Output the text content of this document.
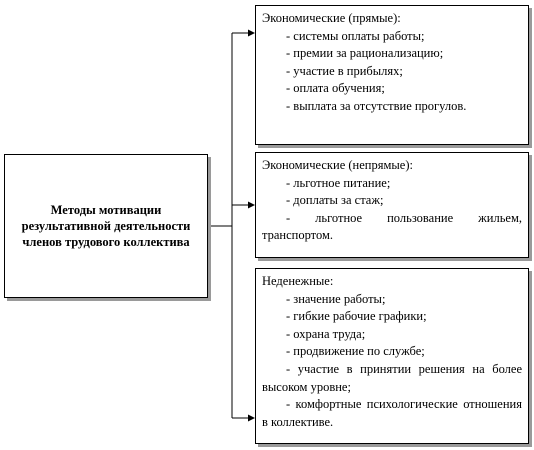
Методы мотивации результативной деятельности членов трудового коллектива
Экономические (прямые):
- системы оплаты работы;
- премии за рационализацию;
- участие в прибылях;
- оплата обучения;
- выплата за отсутствие прогулов.
Экономические (непрямые):
- льготное питание;
- доплаты за стаж;
- льготное пользование жильем, транспортом.
Неденежные:
- значение работы;
- гибкие рабочие графики;
- охрана труда;
- продвижение по службе;
- участие в принятии решения на более высоком уровне;
- комфортные психологические отношения в коллективе.
